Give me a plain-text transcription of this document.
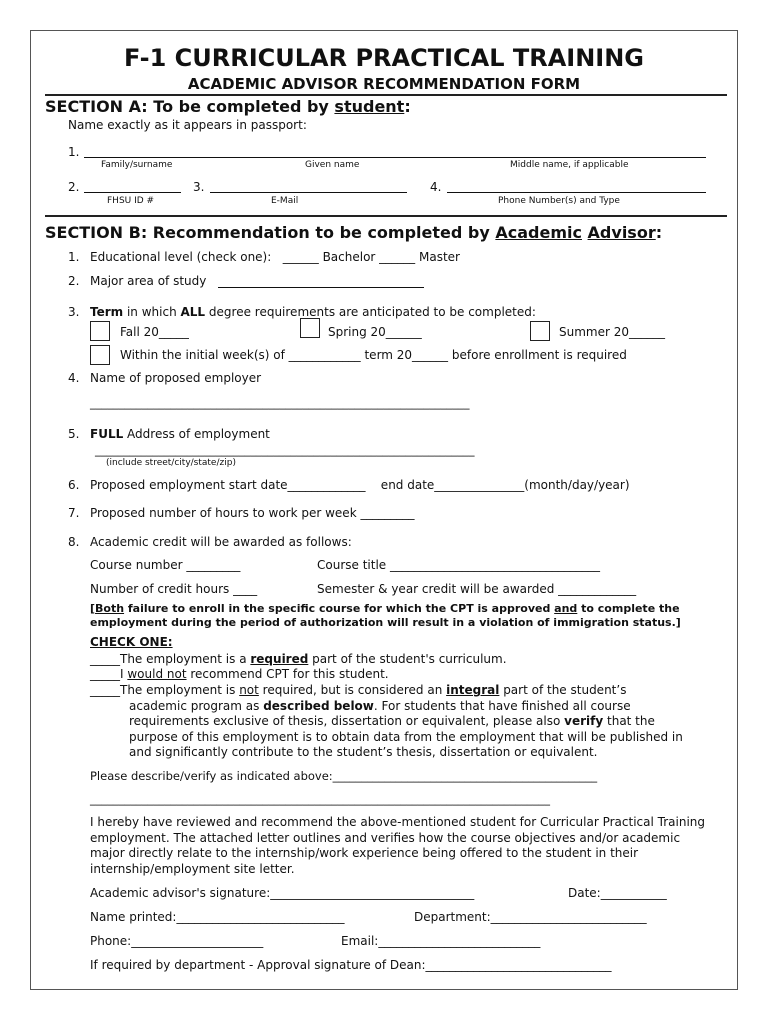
F-1 CURRICULAR PRACTICAL TRAINING
ACADEMIC ADVISOR RECOMMENDATION FORM
SECTION A: To be completed by student:
Name exactly as it appears in passport:
1.
Family/surname	Given name	Middle name, if applicable
2.	3.	4.
FHSU ID #	E-Mail	Phone Number(s) and Type
SECTION B: Recommendation to be completed by Academic Advisor:
1. Educational level (check one): ______ Bachelor ______ Master
2. Major area of study
3. Term in which ALL degree requirements are anticipated to be completed:
Fall 20_____	Spring 20______	Summer 20______
Within the initial week(s) of ____________ term 20______ before enrollment is required
4. Name of proposed employer
__________________________________________________________________
5. FULL Address of employment
__________________________________________________________________
(include street/city/state/zip)
6. Proposed employment start date_____________    end date_______________(month/day/year)
7. Proposed number of hours to work per week _________
8. Academic credit will be awarded as follows:
Course number _________	Course title ___________________________________
Number of credit hours ____	Semester & year credit will be awarded _____________
[Both failure to enroll in the specific course for which the CPT is approved and to complete the
employment during the period of authorization will result in a violation of immigration status.]
CHECK ONE:
_____The employment is a required part of the student's curriculum.
_____I would not recommend CPT for this student.
_____The employment is not required, but is considered an integral part of the student’s
academic program as described below. For students that have finished all course
requirements exclusive of thesis, dissertation or equivalent, please also verify that the
purpose of this employment is to obtain data from the employment that will be published in
and significantly contribute to the student’s thesis, dissertation or equivalent.
Please describe/verify as indicated above:______________________________________________
________________________________________________________________________________
I hereby have reviewed and recommend the above-mentioned student for Curricular Practical Training employment. The attached letter outlines and verifies how the course objectives and/or academic major directly relate to the internship/work experience being offered to the student in their internship/employment site letter.
Academic advisor's signature:__________________________________	Date:___________
Name printed:____________________________	Department:__________________________
Phone:______________________	Email:___________________________
If required by department - Approval signature of Dean:_______________________________
